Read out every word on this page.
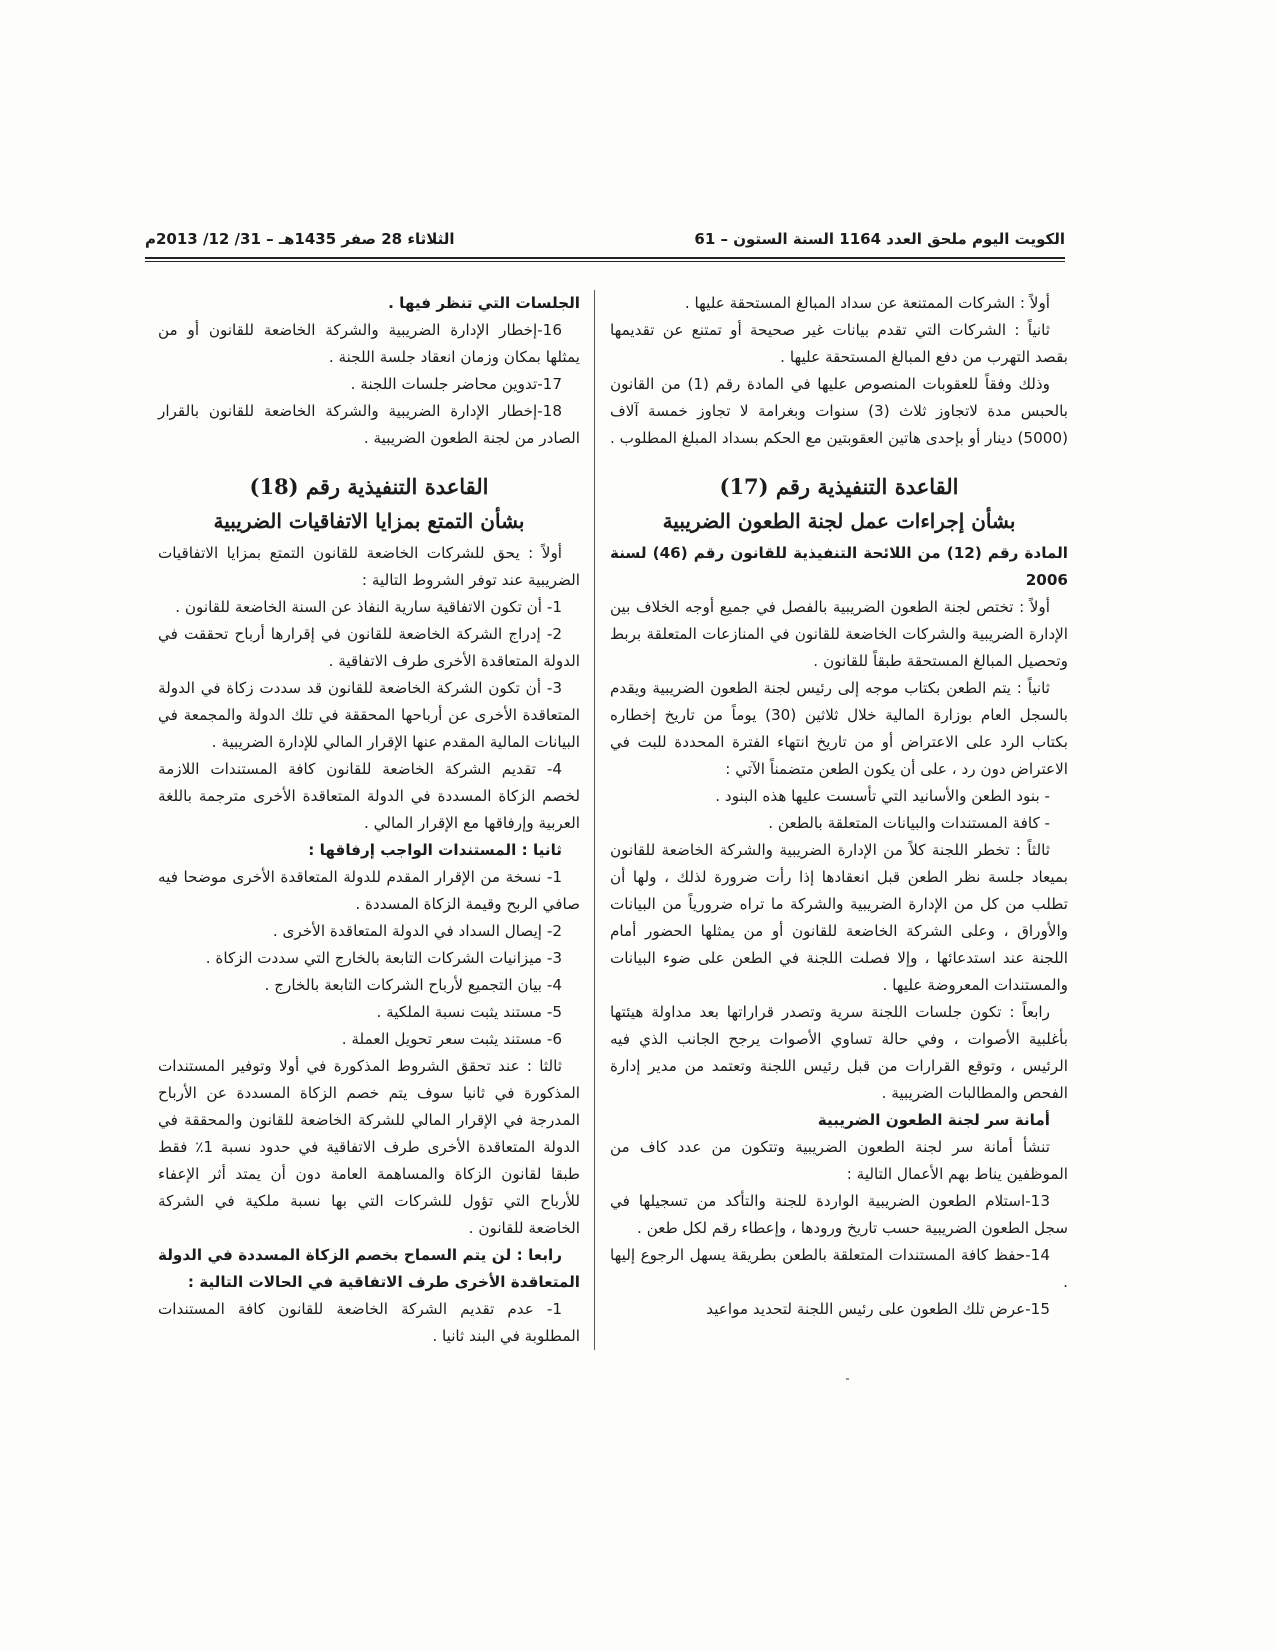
الثلاثاء 28 صفر 1435هـ – 31/ 12/ 2013م	الكويت اليوم ملحق العدد 1164 السنة الستون – 61

أولاً : الشركات الممتنعة عن سداد المبالغ المستحقة عليها .

ثانياً : الشركات التي تقدم بيانات غير صحيحة أو تمتنع عن تقديمها بقصد التهرب من دفع المبالغ المستحقة عليها .

وذلك وفقاً للعقوبات المنصوص عليها في المادة رقم (1) من القانون بالحبس مدة لاتجاوز ثلاث (3) سنوات وبغرامة لا تجاوز خمسة آلاف (5000) دينار أو بإحدى هاتين العقوبتين مع الحكم بسداد المبلغ المطلوب .

القاعدة التنفيذية رقم (17)
بشأن إجراءات عمل لجنة الطعون الضريبية

المادة رقم (12) من اللائحة التنفيذية للقانون رقم (46) لسنة 2006

أولاً : تختص لجنة الطعون الضريبية بالفصل في جميع أوجه الخلاف بين الإدارة الضريبية والشركات الخاضعة للقانون في المنازعات المتعلقة بربط وتحصيل المبالغ المستحقة طبقاً للقانون .

ثانياً : يتم الطعن بكتاب موجه إلى رئيس لجنة الطعون الضريبية ويقدم بالسجل العام بوزارة المالية خلال ثلاثين (30) يوماً من تاريخ إخطاره بكتاب الرد على الاعتراض أو من تاريخ انتهاء الفترة المحددة للبت في الاعتراض دون رد ، على أن يكون الطعن متضمناً الآتي :

- بنود الطعن والأسانيد التي تأسست عليها هذه البنود .

- كافة المستندات والبيانات المتعلقة بالطعن .

ثالثاً : تخطر اللجنة كلاً من الإدارة الضريبية والشركة الخاضعة للقانون بميعاد جلسة نظر الطعن قبل انعقادها إذا رأت ضرورة لذلك ، ولها أن تطلب من كل من الإدارة الضريبية والشركة ما تراه ضرورياً من البيانات والأوراق ، وعلى الشركة الخاضعة للقانون أو من يمثلها الحضور أمام اللجنة عند استدعائها ، وإلا فصلت اللجنة في الطعن على ضوء البيانات والمستندات المعروضة عليها .

رابعاً : تكون جلسات اللجنة سرية وتصدر قراراتها بعد مداولة هيئتها بأغلبية الأصوات ، وفي حالة تساوي الأصوات يرجح الجانب الذي فيه الرئيس ، وتوقع القرارات من قبل رئيس اللجنة وتعتمد من مدير إدارة الفحص والمطالبات الضريبية .

أمانة سر لجنة الطعون الضريبية

تنشأ أمانة سر لجنة الطعون الضريبية وتتكون من عدد كاف من الموظفين يناط بهم الأعمال التالية :

13-استلام الطعون الضريبية الواردة للجنة والتأكد من تسجيلها في سجل الطعون الضريبية حسب تاريخ ورودها ، وإعطاء رقم لكل طعن .

14-حفظ كافة المستندات المتعلقة بالطعن بطريقة يسهل الرجوع إليها .

15-عرض تلك الطعون على رئيس اللجنة لتحديد مواعيد

الجلسات التي تنظر فيها .

16-إخطار الإدارة الضريبية والشركة الخاضعة للقانون أو من يمثلها بمكان وزمان انعقاد جلسة اللجنة .

17-تدوين محاضر جلسات اللجنة .

18-إخطار الإدارة الضريبية والشركة الخاضعة للقانون بالقرار الصادر من لجنة الطعون الضريبية .

القاعدة التنفيذية رقم (18)
بشأن التمتع بمزايا الاتفاقيات الضريبية

أولاً : يحق للشركات الخاضعة للقانون التمتع بمزايا الاتفاقيات الضريبية عند توفر الشروط التالية :

1- أن تكون الاتفاقية سارية النفاذ عن السنة الخاضعة للقانون .

2- إدراج الشركة الخاضعة للقانون في إقرارها أرباح تحققت في الدولة المتعاقدة الأخرى طرف الاتفاقية .

3- أن تكون الشركة الخاضعة للقانون قد سددت زكاة في الدولة المتعاقدة الأخرى عن أرباحها المحققة في تلك الدولة والمجمعة في البيانات المالية المقدم عنها الإقرار المالي للإدارة الضريبية .

4- تقديم الشركة الخاضعة للقانون كافة المستندات اللازمة لخصم الزكاة المسددة في الدولة المتعاقدة الأخرى مترجمة باللغة العربية وإرفاقها مع الإقرار المالي .

ثانيا : المستندات الواجب إرفاقها :

1- نسخة من الإقرار المقدم للدولة المتعاقدة الأخرى موضحا فيه صافي الربح وقيمة الزكاة المسددة .

2- إيصال السداد في الدولة المتعاقدة الأخرى .

3- ميزانيات الشركات التابعة بالخارج التي سددت الزكاة .

4- بيان التجميع لأرباح الشركات التابعة بالخارج .

5- مستند يثبت نسبة الملكية .

6- مستند يثبت سعر تحويل العملة .

ثالثا : عند تحقق الشروط المذكورة في أولا وتوفير المستندات المذكورة في ثانيا سوف يتم خصم الزكاة المسددة عن الأرباح المدرجة في الإقرار المالي للشركة الخاضعة للقانون والمحققة في الدولة المتعاقدة الأخرى طرف الاتفاقية في حدود نسبة 1٪ فقط طبقا لقانون الزكاة والمساهمة العامة دون أن يمتد أثر الإعفاء للأرباح التي تؤول للشركات التي بها نسبة ملكية في الشركة الخاضعة للقانون .

رابعا : لن يتم السماح بخصم الزكاة المسددة في الدولة المتعاقدة الأخرى طرف الاتفاقية في الحالات التالية :

1- عدم تقديم الشركة الخاضعة للقانون كافة المستندات المطلوبة في البند ثانيا .
